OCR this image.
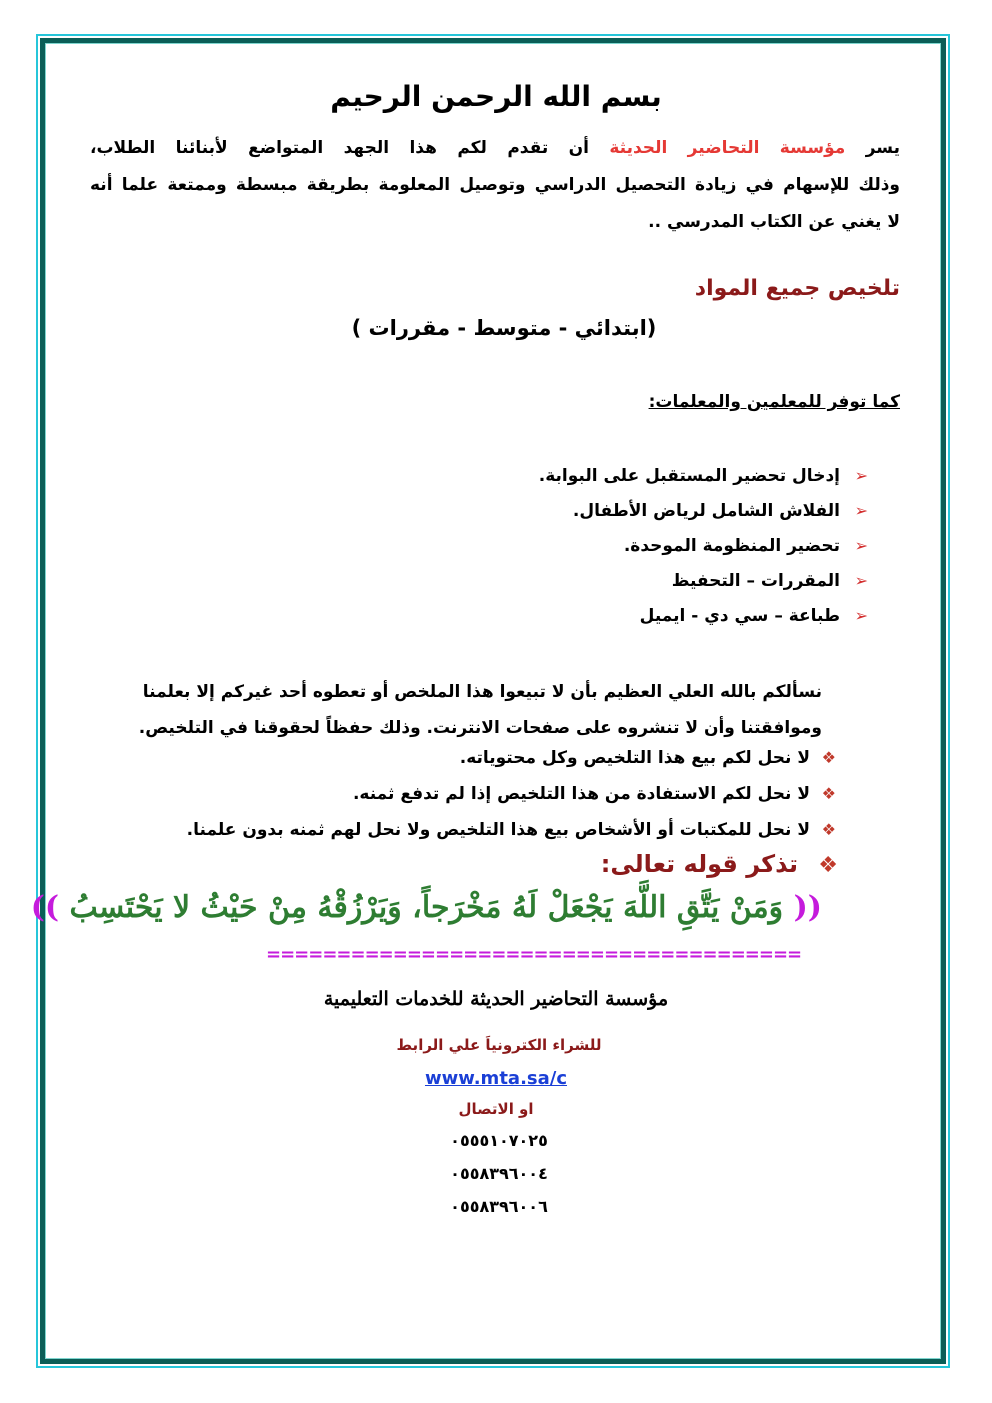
بسم الله الرحمن الرحيم
يسر مؤسسة التحاضير الحديثة أن تقدم لكم هذا الجهد المتواضع لأبنائنا الطلاب،
وذلك للإسهام في زيادة التحصيل الدراسي وتوصيل المعلومة بطريقة مبسطة وممتعة علما أنه
لا يغني عن الكتاب المدرسي ..
تلخيص جميع المواد
(ابتدائي - متوسط - مقررات )
كما توفر للمعلمين والمعلمات:
➢إدخال تحضير المستقبل على البوابة.
➢الفلاش الشامل لرياض الأطفال.
➢تحضير المنظومة الموحدة.
➢المقررات – التحفيظ
➢طباعة – سي دي - ايميل
نسألكم بالله العلي العظيم بأن لا تبيعوا هذا الملخص أو تعطوه أحد غيركم إلا بعلمنا
وموافقتنا وأن لا تنشروه على صفحات الانترنت. وذلك حفظاً لحقوقنا في التلخيص.
❖لا نحل لكم بيع هذا التلخيص وكل محتوياته.
❖لا نحل لكم الاستفادة من هذا التلخيص إذا لم تدفع ثمنه.
❖لا نحل للمكتبات أو الأشخاص بيع هذا التلخيص ولا نحل لهم ثمنه بدون علمنا.
❖تذكر قوله تعالى:
(( وَمَنْ يَتَّقِ اللَّهَ يَجْعَلْ لَهُ مَخْرَجاً، وَيَرْزُقْهُ مِنْ حَيْثُ لا يَحْتَسِبُ ))
======================================
مؤسسة التحاضير الحديثة للخدمات التعليمية
للشراء الكترونياَ علي الرابط
www.mta.sa/c
او الاتصال
٠٥٥٥١٠٧٠٢٥
٠٥٥٨٣٩٦٠٠٤
٠٥٥٨٣٩٦٠٠٦
